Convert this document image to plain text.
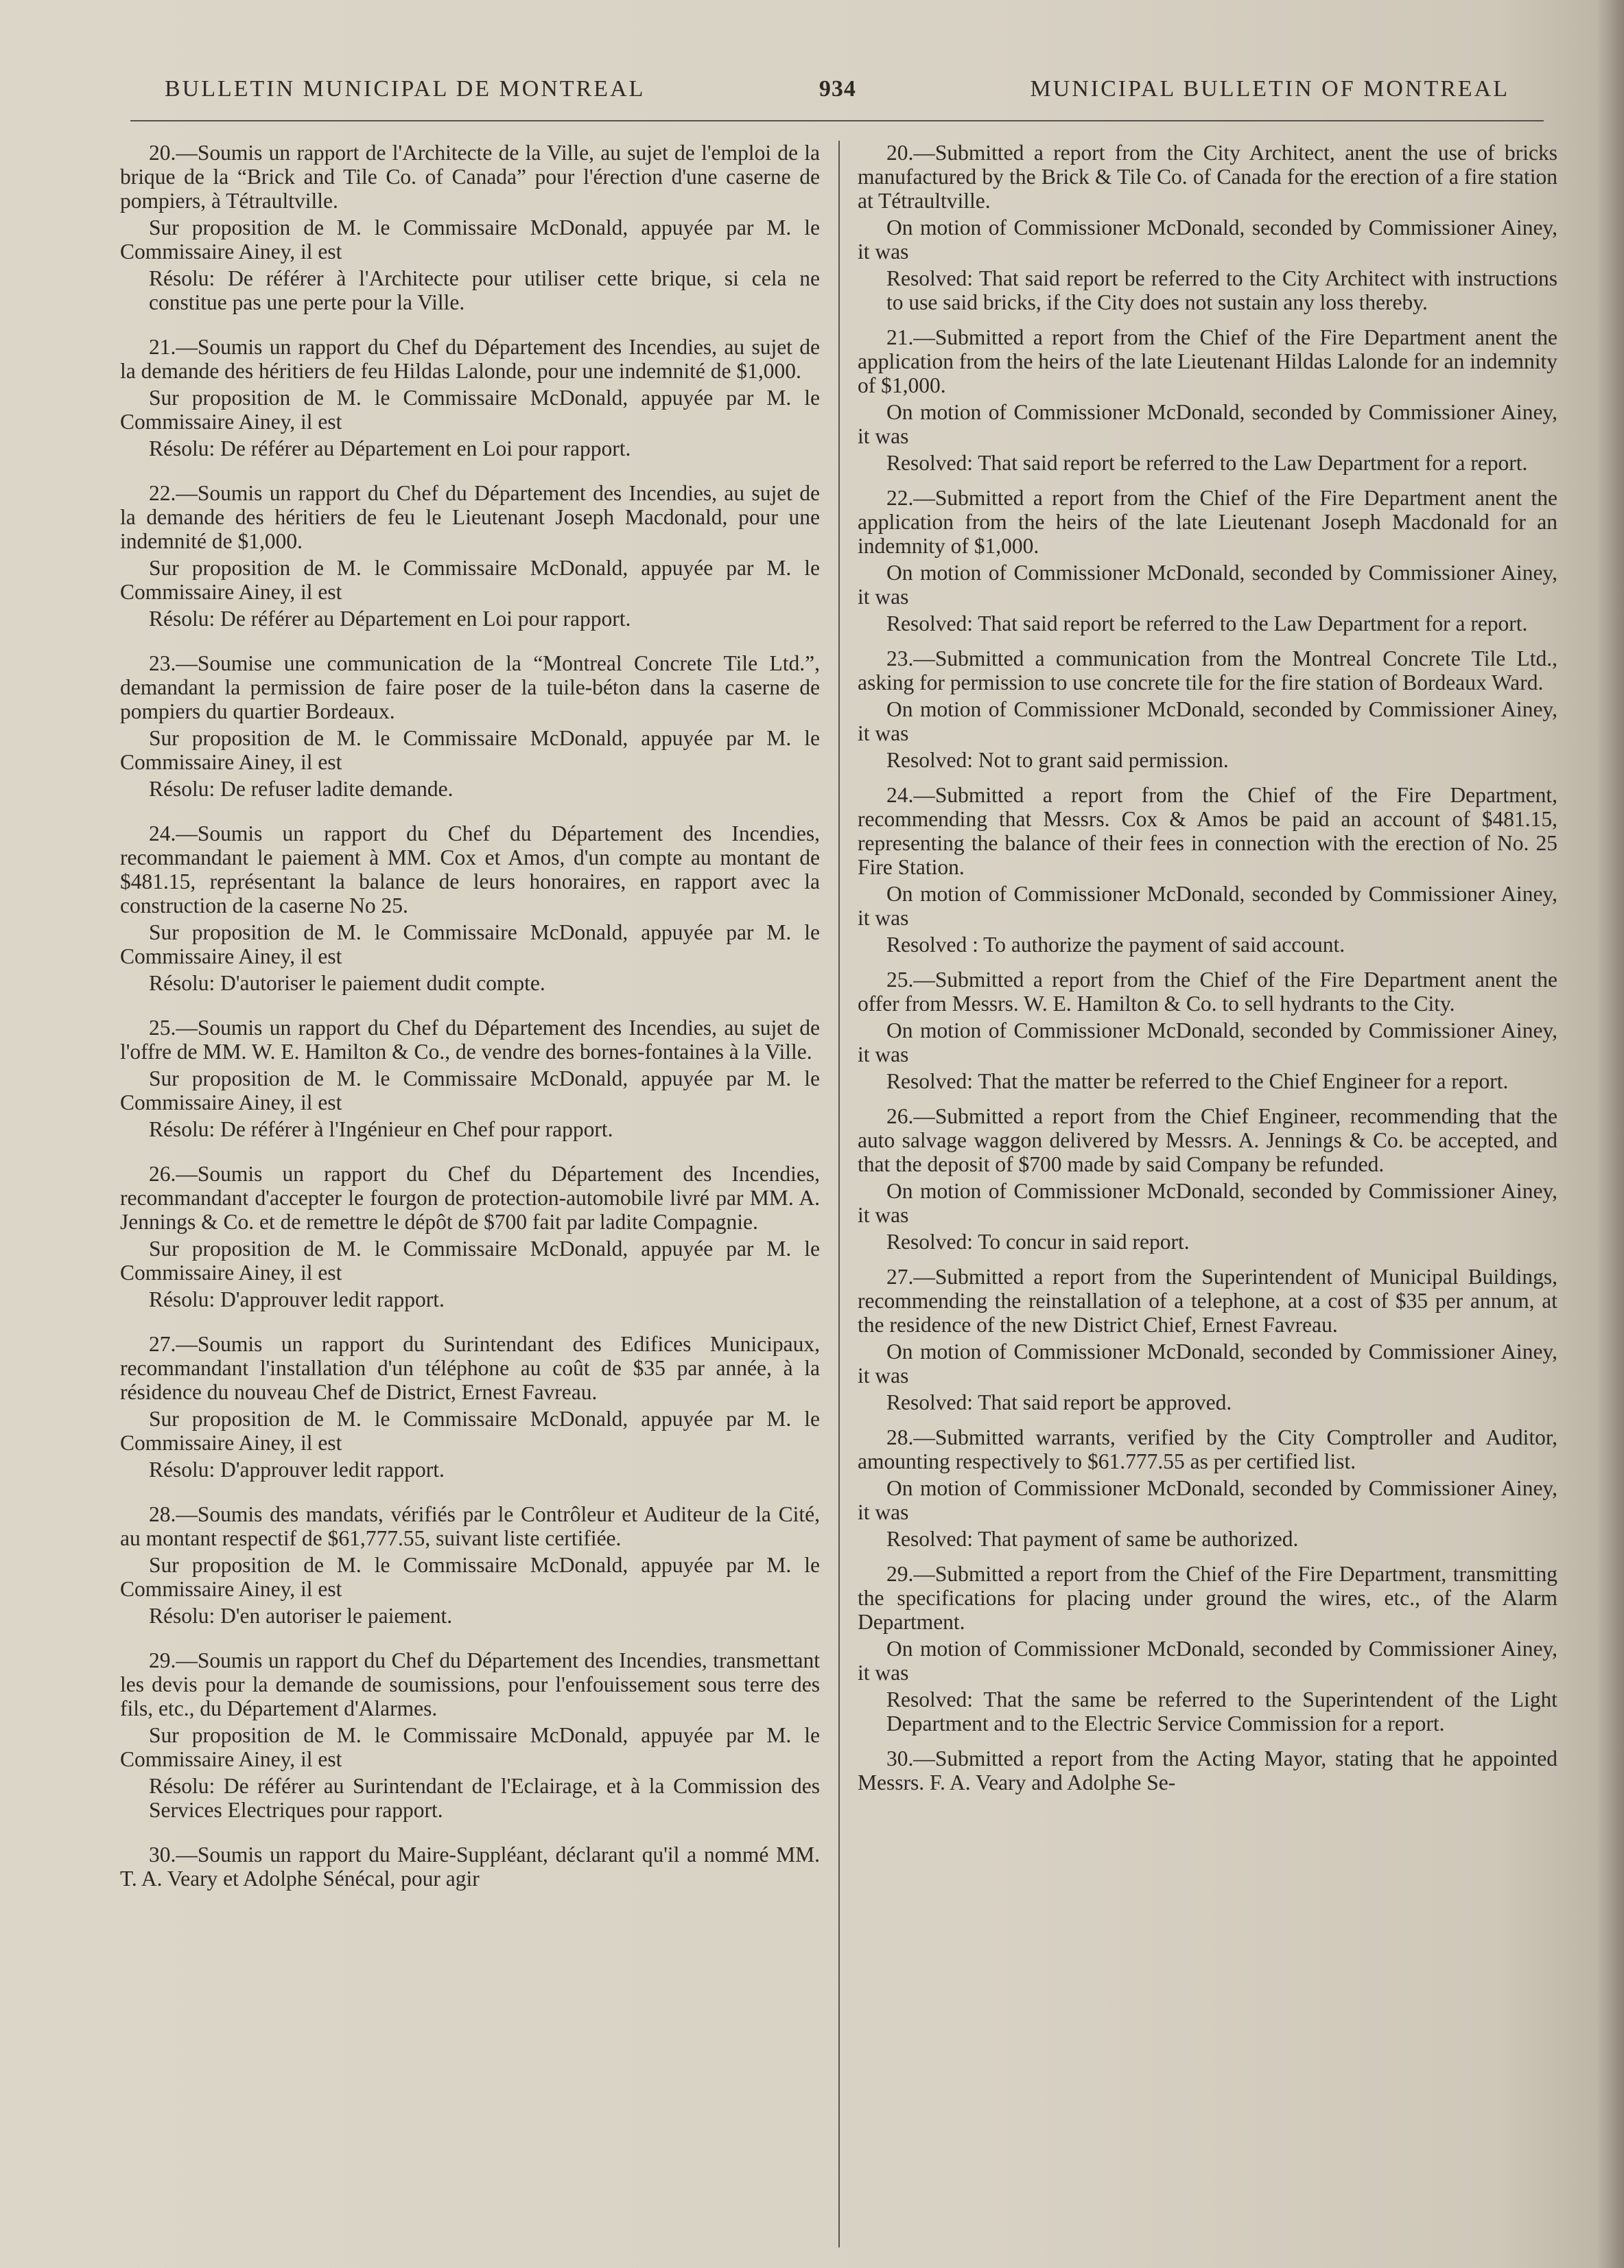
BULLETIN MUNICIPAL DE MONTREAL	934	MUNICIPAL BULLETIN OF MONTREAL

20.—Soumis un rapport de l'Architecte de la Ville, au sujet de l'emploi de la brique de la “Brick and Tile Co. of Canada” pour l'érection d'une caserne de pompiers, à Tétraultville.

Sur proposition de M. le Commissaire McDonald, appuyée par M. le Commissaire Ainey, il est

Résolu: De référer à l'Architecte pour utiliser cette brique, si cela ne constitue pas une perte pour la Ville.

21.—Soumis un rapport du Chef du Département des Incendies, au sujet de la demande des héritiers de feu Hildas Lalonde, pour une indemnité de $1,000.

Sur proposition de M. le Commissaire McDonald, appuyée par M. le Commissaire Ainey, il est

Résolu: De référer au Département en Loi pour rapport.

22.—Soumis un rapport du Chef du Département des Incendies, au sujet de la demande des héritiers de feu le Lieutenant Joseph Macdonald, pour une indemnité de $1,000.

Sur proposition de M. le Commissaire McDonald, appuyée par M. le Commissaire Ainey, il est

Résolu: De référer au Département en Loi pour rapport.

23.—Soumise une communication de la “Montreal Concrete Tile Ltd.”, demandant la permission de faire poser de la tuile-béton dans la caserne de pompiers du quartier Bordeaux.

Sur proposition de M. le Commissaire McDonald, appuyée par M. le Commissaire Ainey, il est

Résolu: De refuser ladite demande.

24.—Soumis un rapport du Chef du Département des Incendies, recommandant le paiement à MM. Cox et Amos, d'un compte au montant de $481.15, représentant la balance de leurs honoraires, en rapport avec la construction de la caserne No 25.

Sur proposition de M. le Commissaire McDonald, appuyée par M. le Commissaire Ainey, il est

Résolu: D'autoriser le paiement dudit compte.

25.—Soumis un rapport du Chef du Département des Incendies, au sujet de l'offre de MM. W. E. Hamilton & Co., de vendre des bornes-fontaines à la Ville.

Sur proposition de M. le Commissaire McDonald, appuyée par M. le Commissaire Ainey, il est

Résolu: De référer à l'Ingénieur en Chef pour rapport.

26.—Soumis un rapport du Chef du Département des Incendies, recommandant d'accepter le fourgon de protection-automobile livré par MM. A. Jennings & Co. et de remettre le dépôt de $700 fait par ladite Compagnie.

Sur proposition de M. le Commissaire McDonald, appuyée par M. le Commissaire Ainey, il est

Résolu: D'approuver ledit rapport.

27.—Soumis un rapport du Surintendant des Edifices Municipaux, recommandant l'installation d'un téléphone au coût de $35 par année, à la résidence du nouveau Chef de District, Ernest Favreau.

Sur proposition de M. le Commissaire McDonald, appuyée par M. le Commissaire Ainey, il est

Résolu: D'approuver ledit rapport.

28.—Soumis des mandats, vérifiés par le Contrôleur et Auditeur de la Cité, au montant respectif de $61,777.55, suivant liste certifiée.

Sur proposition de M. le Commissaire McDonald, appuyée par M. le Commissaire Ainey, il est

Résolu: D'en autoriser le paiement.

29.—Soumis un rapport du Chef du Département des Incendies, transmettant les devis pour la demande de soumissions, pour l'enfouissement sous terre des fils, etc., du Département d'Alarmes.

Sur proposition de M. le Commissaire McDonald, appuyée par M. le Commissaire Ainey, il est

Résolu: De référer au Surintendant de l'Eclairage, et à la Commission des Services Electriques pour rapport.

30.—Soumis un rapport du Maire-Suppléant, déclarant qu'il a nommé MM. T. A. Veary et Adolphe Sénécal, pour agir

20.—Submitted a report from the City Architect, anent the use of bricks manufactured by the Brick & Tile Co. of Canada for the erection of a fire station at Tétraultville.

On motion of Commissioner McDonald, seconded by Commissioner Ainey, it was

Resolved: That said report be referred to the City Architect with instructions to use said bricks, if the City does not sustain any loss thereby.

21.—Submitted a report from the Chief of the Fire Department anent the application from the heirs of the late Lieutenant Hildas Lalonde for an indemnity of $1,000.

On motion of Commissioner McDonald, seconded by Commissioner Ainey, it was

Resolved: That said report be referred to the Law Department for a report.

22.—Submitted a report from the Chief of the Fire Department anent the application from the heirs of the late Lieutenant Joseph Macdonald for an indemnity of $1,000.

On motion of Commissioner McDonald, seconded by Commissioner Ainey, it was

Resolved: That said report be referred to the Law Department for a report.

23.—Submitted a communication from the Montreal Concrete Tile Ltd., asking for permission to use concrete tile for the fire station of Bordeaux Ward.

On motion of Commissioner McDonald, seconded by Commissioner Ainey, it was

Resolved: Not to grant said permission.

24.—Submitted a report from the Chief of the Fire Department, recommending that Messrs. Cox & Amos be paid an account of $481.15, representing the balance of their fees in connection with the erection of No. 25 Fire Station.

On motion of Commissioner McDonald, seconded by Commissioner Ainey, it was

Resolved : To authorize the payment of said account.

25.—Submitted a report from the Chief of the Fire Department anent the offer from Messrs. W. E. Hamilton & Co. to sell hydrants to the City.

On motion of Commissioner McDonald, seconded by Commissioner Ainey, it was

Resolved: That the matter be referred to the Chief Engineer for a report.

26.—Submitted a report from the Chief Engineer, recommending that the auto salvage waggon delivered by Messrs. A. Jennings & Co. be accepted, and that the deposit of $700 made by said Company be refunded.

On motion of Commissioner McDonald, seconded by Commissioner Ainey, it was

Resolved: To concur in said report.

27.—Submitted a report from the Superintendent of Municipal Buildings, recommending the reinstallation of a telephone, at a cost of $35 per annum, at the residence of the new District Chief, Ernest Favreau.

On motion of Commissioner McDonald, seconded by Commissioner Ainey, it was

Resolved: That said report be approved.

28.—Submitted warrants, verified by the City Comptroller and Auditor, amounting respectively to $61.777.55 as per certified list.

On motion of Commissioner McDonald, seconded by Commissioner Ainey, it was

Resolved: That payment of same be authorized.

29.—Submitted a report from the Chief of the Fire Department, transmitting the specifications for placing under ground the wires, etc., of the Alarm Department.

On motion of Commissioner McDonald, seconded by Commissioner Ainey, it was

Resolved: That the same be referred to the Superintendent of the Light Department and to the Electric Service Commission for a report.

30.—Submitted a report from the Acting Mayor, stating that he appointed Messrs. F. A. Veary and Adolphe Se-
